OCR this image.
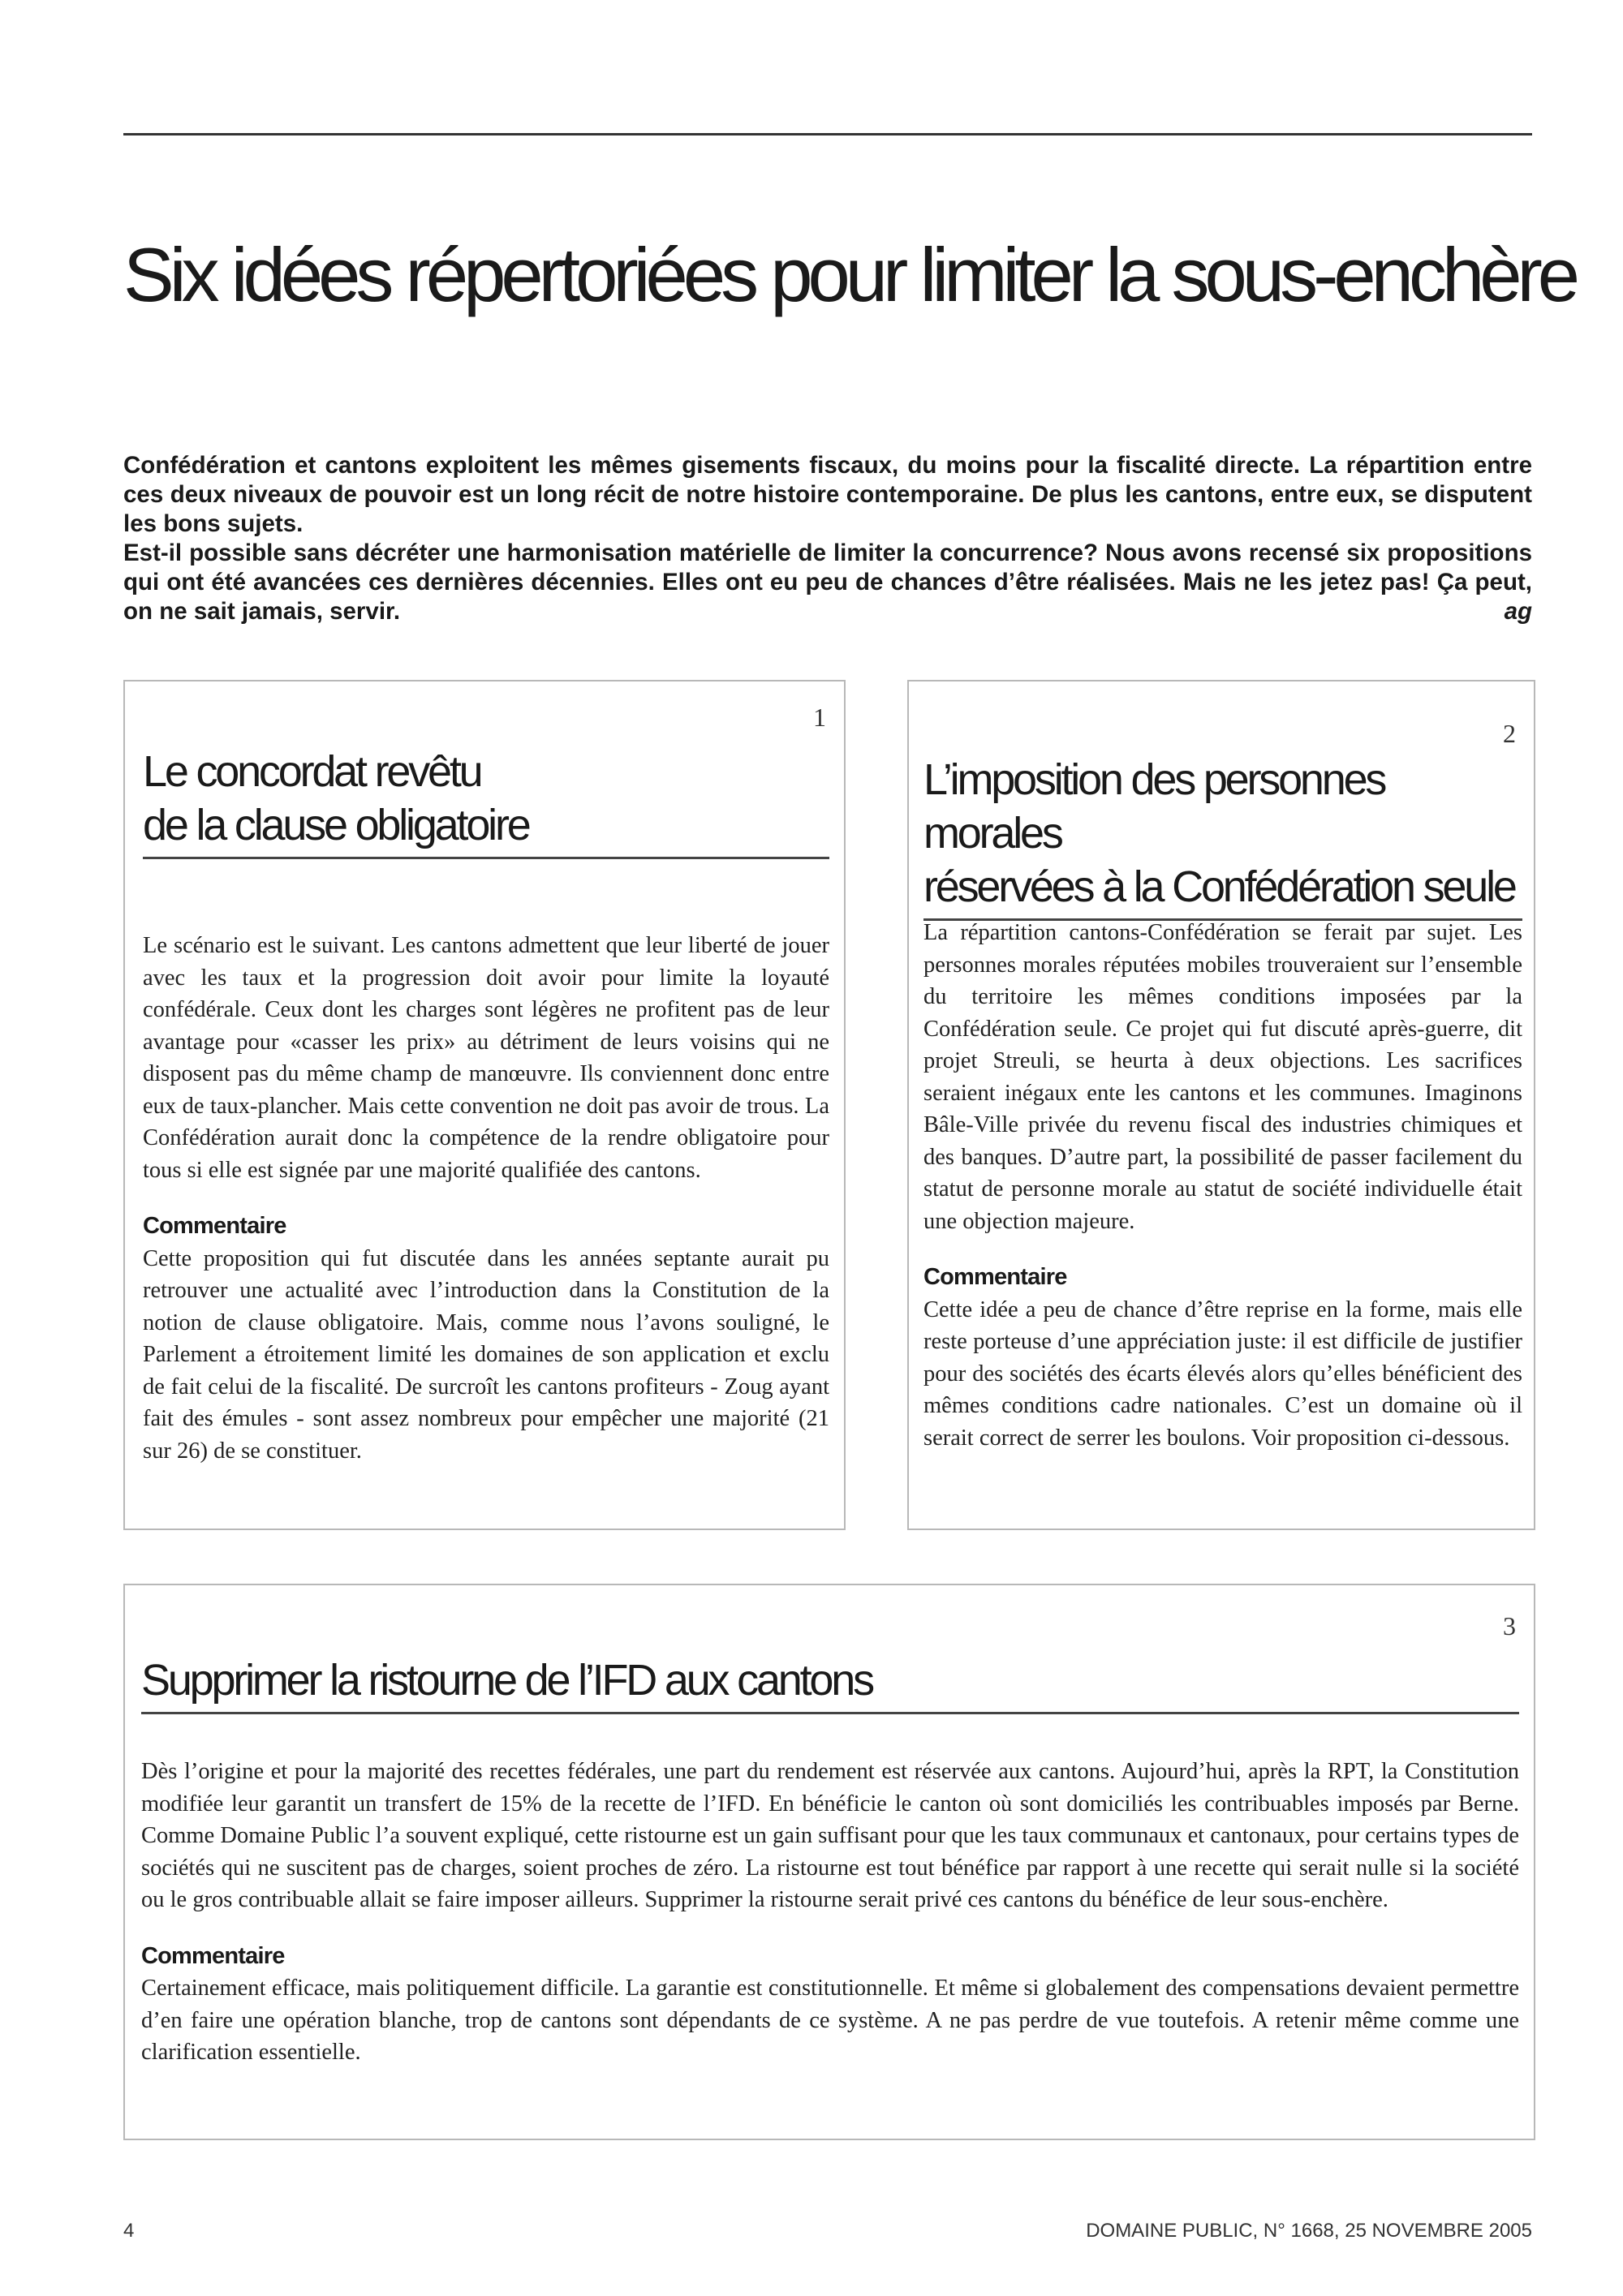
Six idées répertoriées pour limiter la sous-enchère

Confédération et cantons exploitent les mêmes gisements fiscaux, du moins pour la fiscalité directe. La répartition entre ces deux niveaux de pouvoir est un long récit de notre histoire contemporaine. De plus les cantons, entre eux, se disputent les bons sujets.

Est-il possible sans décréter une harmonisation matérielle de limiter la concurrence? Nous avons recensé six propositions qui ont été avancées ces dernières décennies. Elles ont eu peu de chances d’être réalisées. Mais ne les jetez pas! Ça peut, on ne sait jamais, servir.	ag

1
Le concordat revêtu
de la clause obligatoire

Le scénario est le suivant. Les cantons admettent que leur liberté de jouer avec les taux et la progression doit avoir pour limite la loyauté confédérale. Ceux dont les charges sont légères ne profitent pas de leur avantage pour «casser les prix» au détriment de leurs voisins qui ne disposent pas du même champ de manœuvre. Ils conviennent donc entre eux de taux-plancher. Mais cette convention ne doit pas avoir de trous. La Confédération aurait donc la compétence de la rendre obligatoire pour tous si elle est signée par une majorité qualifiée des cantons.

Commentaire

Cette proposition qui fut discutée dans les années septante aurait pu retrouver une actualité avec l’introduction dans la Constitution de la notion de clause obligatoire. Mais, comme nous l’avons souligné, le Parlement a étroitement limité les domaines de son application et exclu de fait celui de la fiscalité. De surcroît les cantons profiteurs - Zoug ayant fait des émules - sont assez nombreux pour empêcher une majorité (21 sur 26) de se constituer.

2
L’imposition des personnes morales
réservées à la Confédération seule

La répartition cantons-Confédération se ferait par sujet. Les personnes morales réputées mobiles trouveraient sur l’ensemble du territoire les mêmes conditions imposées par la Confédération seule. Ce projet qui fut discuté après-guerre, dit projet Streuli, se heurta à deux objections. Les sacrifices seraient inégaux ente les cantons et les communes. Imaginons Bâle-Ville privée du revenu fiscal des industries chimiques et des banques. D’autre part, la possibilité de passer facilement du statut de personne morale au statut de société individuelle était une objection majeure.

Commentaire

Cette idée a peu de chance d’être reprise en la forme, mais elle reste porteuse d’une appréciation juste: il est difficile de justifier pour des sociétés des écarts élevés alors qu’elles bénéficient des mêmes conditions cadre nationales. C’est un domaine où il serait correct de serrer les boulons. Voir proposition ci-dessous.

3
Supprimer la ristourne de l’IFD aux cantons

Dès l’origine et pour la majorité des recettes fédérales, une part du rendement est réservée aux cantons. Aujourd’hui, après la RPT, la Constitution modifiée leur garantit un transfert de 15% de la recette de l’IFD. En bénéficie le canton où sont domiciliés les contribuables imposés par Berne. Comme Domaine Public l’a souvent expliqué, cette ristourne est un gain suffisant pour que les taux communaux et cantonaux, pour certains types de sociétés qui ne suscitent pas de charges, soient proches de zéro. La ristourne est tout bénéfice par rapport à une recette qui serait nulle si la société ou le gros contribuable allait se faire imposer ailleurs. Supprimer la ristourne serait privé ces cantons du bénéfice de leur sous-enchère.

Commentaire

Certainement efficace, mais politiquement difficile. La garantie est constitutionnelle. Et même si globalement des compensations devaient permettre d’en faire une opération blanche, trop de cantons sont dépendants de ce système. A ne pas perdre de vue toutefois. A retenir même comme une clarification essentielle.

4	DOMAINE PUBLIC, N° 1668, 25 NOVEMBRE 2005
